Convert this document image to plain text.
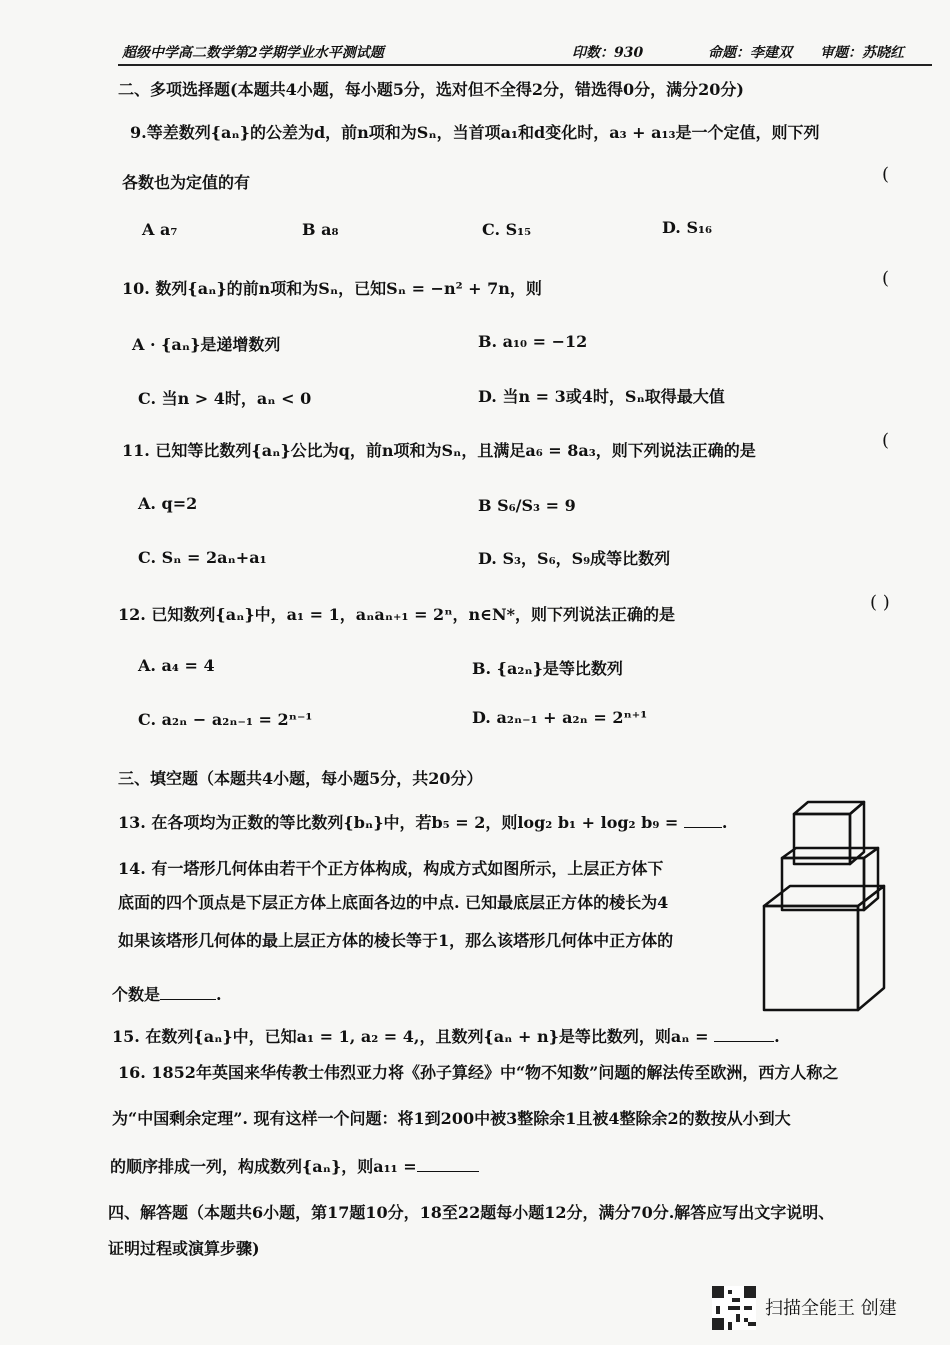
超级中学高二数学第2学期学业水平测试题	印数：930	命题：李建双 审题：苏晓红
二、多项选择题(本题共4小题，每小题5分，选对但不全得2分，错选得0分，满分20分)
9.等差数列{aₙ}的公差为d，前n项和为Sₙ，当首项a₁和d变化时，a₃ + a₁₃是一个定值，则下列
各数也为定值的有	(
A a₇	B a₈	C. S₁₅	D. S₁₆
10. 数列{aₙ}的前n项和为Sₙ，已知Sₙ = −n² + 7n，则	(
A · {aₙ}是递增数列	B. a₁₀ = −12
C. 当n > 4时，aₙ < 0	D. 当n = 3或4时，Sₙ取得最大值
11. 已知等比数列{aₙ}公比为q，前n项和为Sₙ，且满足a₆ = 8a₃，则下列说法正确的是	(
A. q=2	B S₆/S₃ = 9
C. Sₙ = 2aₙ+a₁	D. S₃，S₆，S₉成等比数列
12. 已知数列{aₙ}中，a₁ = 1，aₙaₙ₊₁ = 2ⁿ，n∈N*，则下列说法正确的是
( )
A. a₄ = 4	B. {a₂ₙ}是等比数列
C. a₂ₙ − a₂ₙ₋₁ = 2ⁿ⁻¹	D. a₂ₙ₋₁ + a₂ₙ = 2ⁿ⁺¹
三、填空题（本题共4小题，每小题5分，共20分）
13. 在各项均为正数的等比数列{bₙ}中，若b₅ = 2，则log₂ b₁ + log₂ b₉ =	.
14. 有一塔形几何体由若干个正方体构成，构成方式如图所示，上层正方体下
底面的四个顶点是下层正方体上底面各边的中点. 已知最底层正方体的棱长为4
如果该塔形几何体的最上层正方体的棱长等于1，那么该塔形几何体中正方体的
个数是	.
15. 在数列{aₙ}中，已知a₁ = 1, a₂ = 4,，且数列{aₙ + n}是等比数列，则aₙ =	.
16. 1852年英国来华传教士伟烈亚力将《孙子算经》中“物不知数”问题的解法传至欧洲，西方人称之
为“中国剩余定理”. 现有这样一个问题：将1到200中被3整除余1且被4整除余2的数按从小到大
的顺序排成一列，构成数列{aₙ}，则a₁₁ =
四、解答题（本题共6小题，第17题10分，18至22题每小题12分，满分70分.解答应写出文字说明、
证明过程或演算步骤)
扫描全能王 创建
